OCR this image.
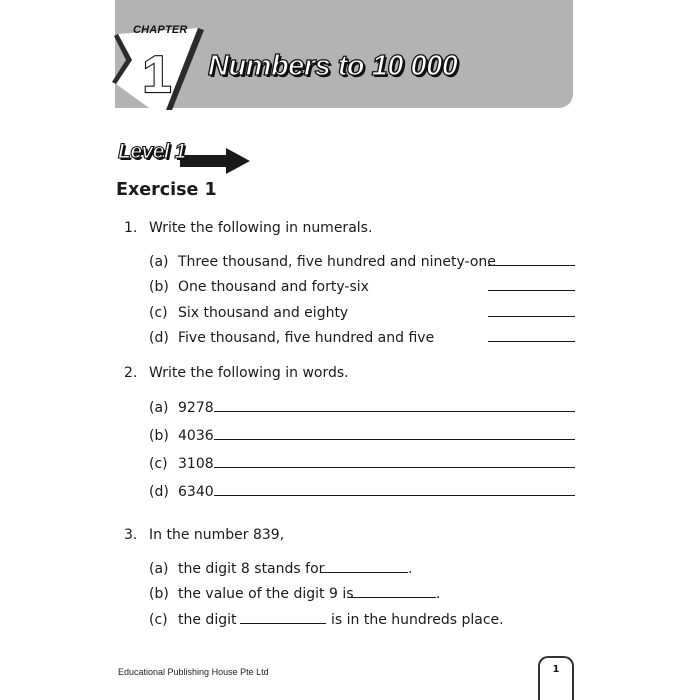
1
CHAPTER
Numbers to 10 000
Level 1
Exercise 1
1. Write the following in numerals.
(a) Three thousand, five hundred and ninety-one
(b) One thousand and forty-six
(c) Six thousand and eighty
(d) Five thousand, five hundred and five
2. Write the following in words.
(a) 9278
(b) 4036
(c) 3108
(d) 6340
3. In the number 839,
(a) the digit 8 stands for	.
(b) the value of the digit 9 is	.
(c) the digit	is in the hundreds place.
Educational Publishing House Pte Ltd	1
